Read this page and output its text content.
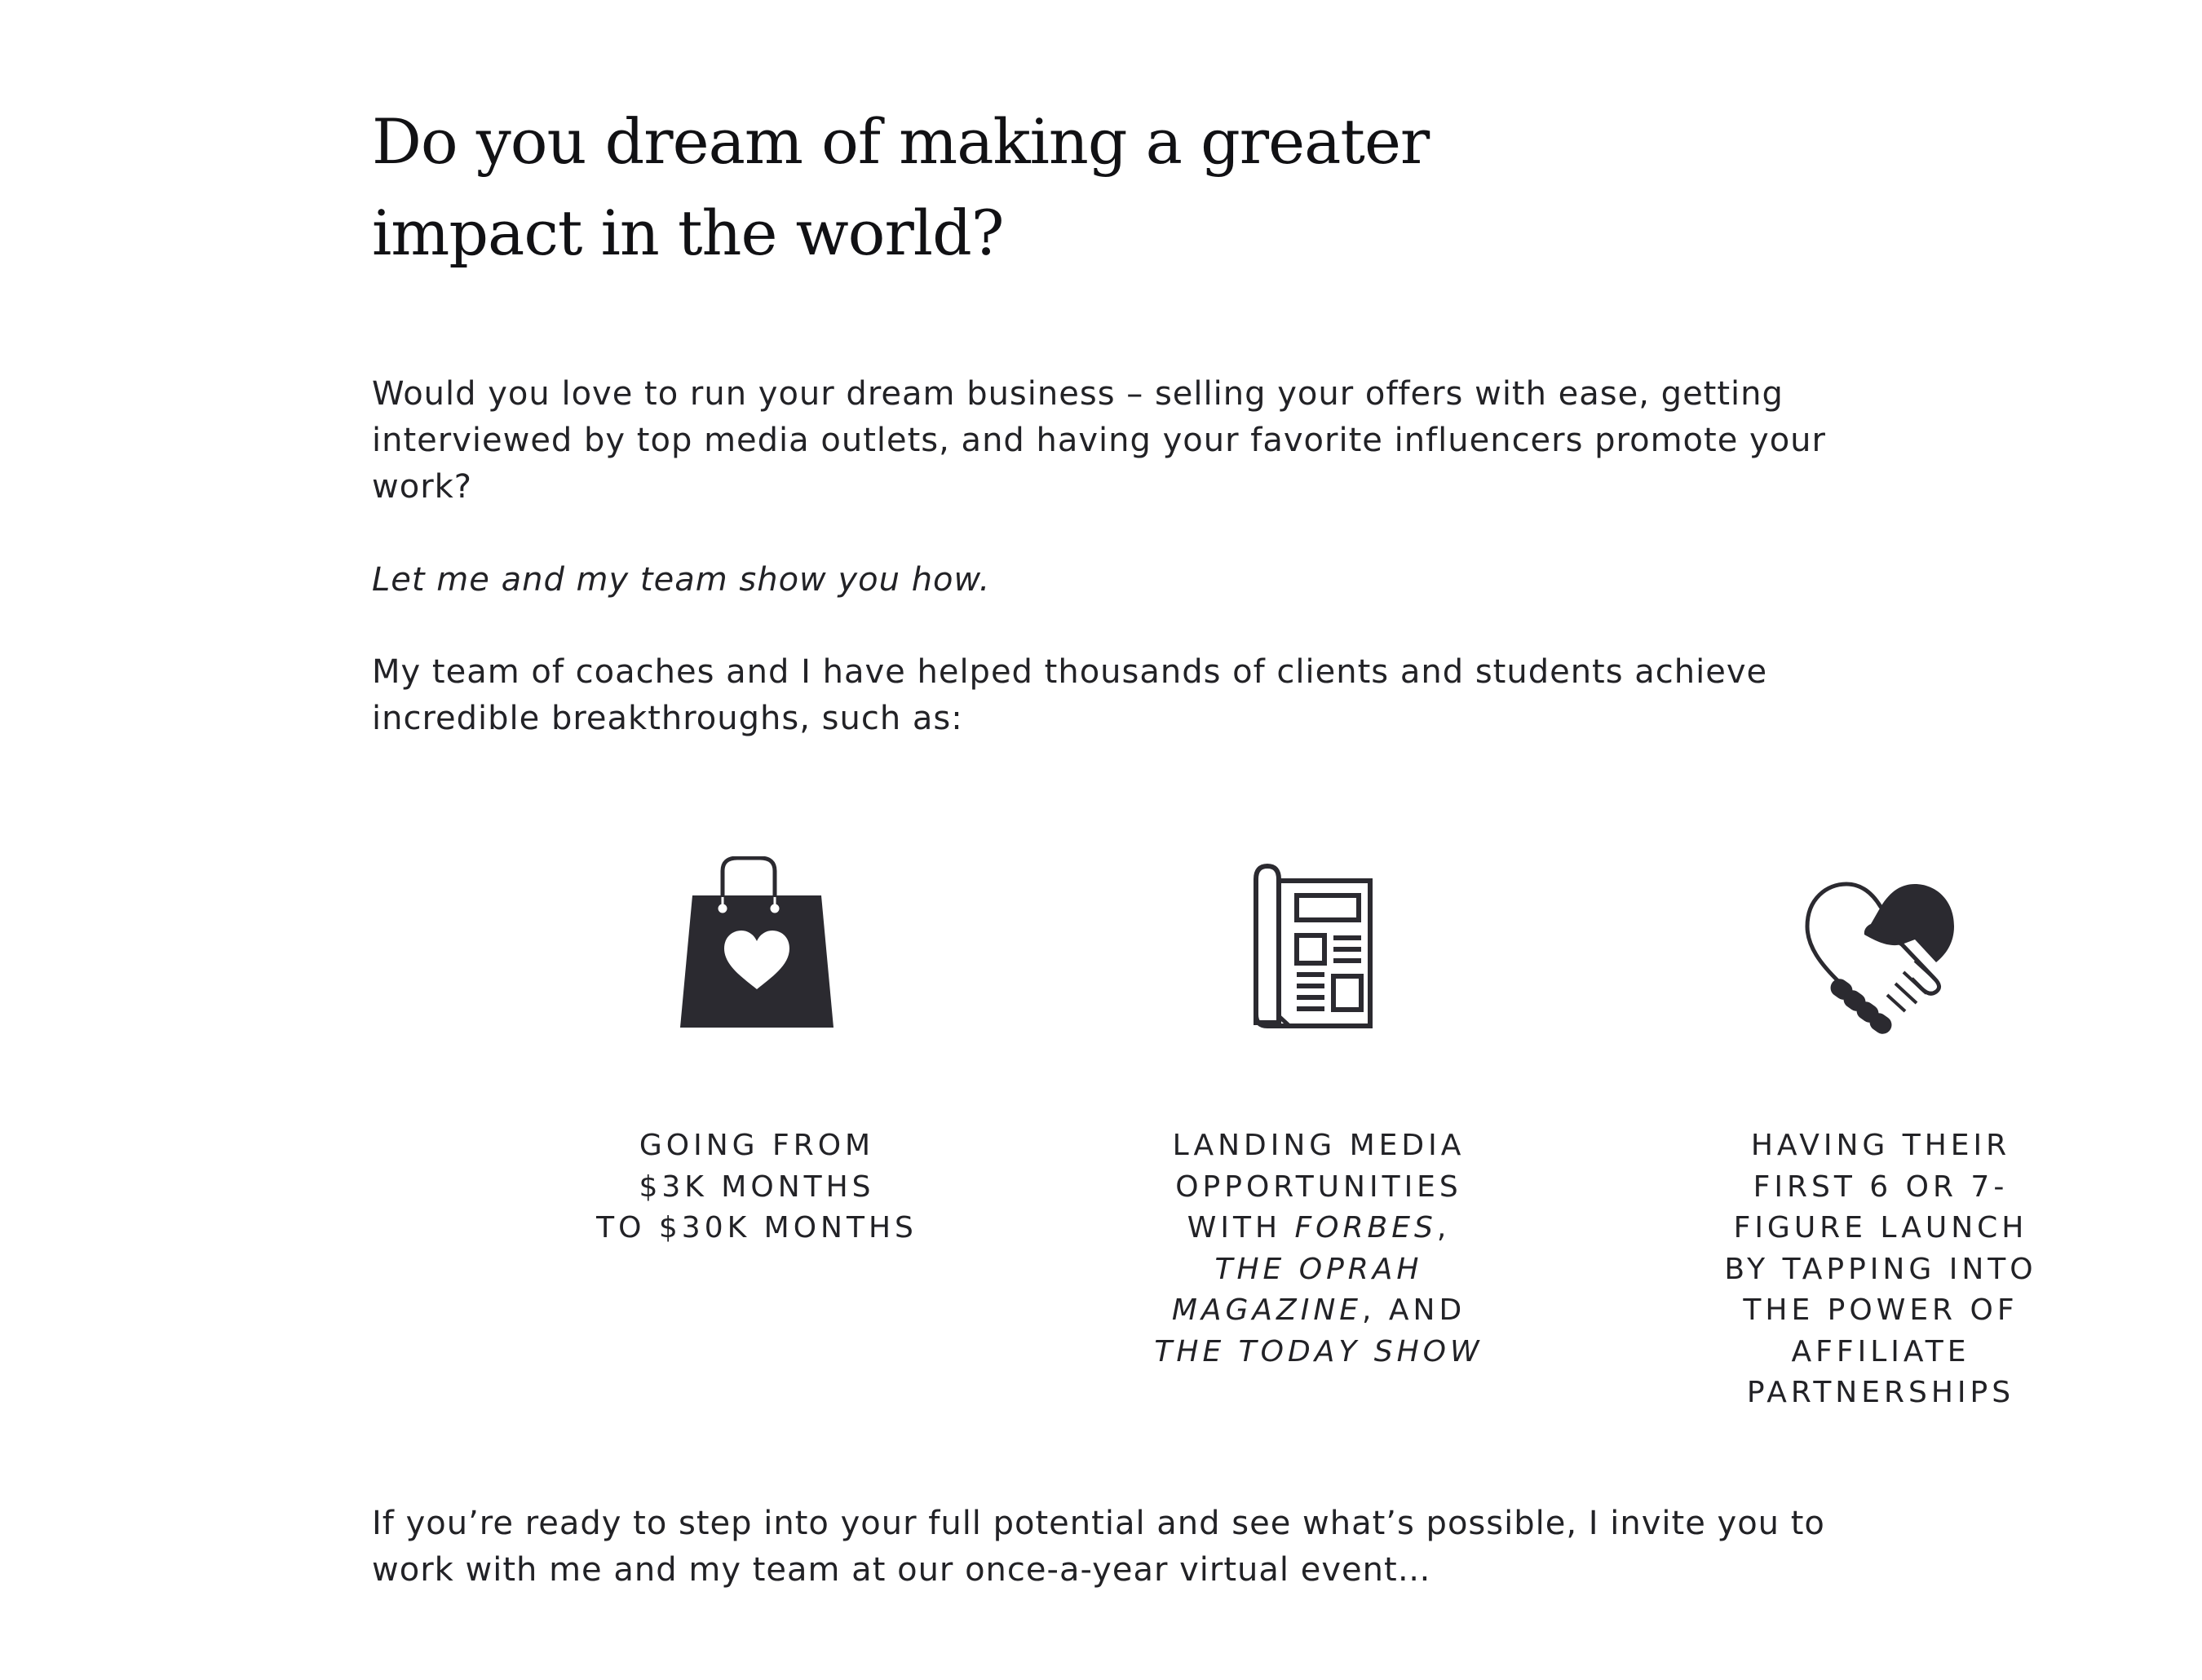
Do you dream of making a greater
impact in the world?

Would you love to run your dream business – selling your offers with ease, getting interviewed by top media outlets, and having your favorite influencers promote your work?

Let me and my team show you how.

My team of coaches and I have helped thousands of clients and students achieve incredible breakthroughs, such as:

GOING FROM
$3K MONTHS
TO $30K MONTHS
LANDING MEDIA
OPPORTUNITIES
WITH FORBES,
THE OPRAH
MAGAZINE, AND
THE TODAY SHOW
HAVING THEIR
FIRST 6 OR 7-
FIGURE LAUNCH
BY TAPPING INTO
THE POWER OF
AFFILIATE
PARTNERSHIPS

If you’re ready to step into your full potential and see what’s possible, I invite you to work with me and my team at our once-a-year virtual event…
